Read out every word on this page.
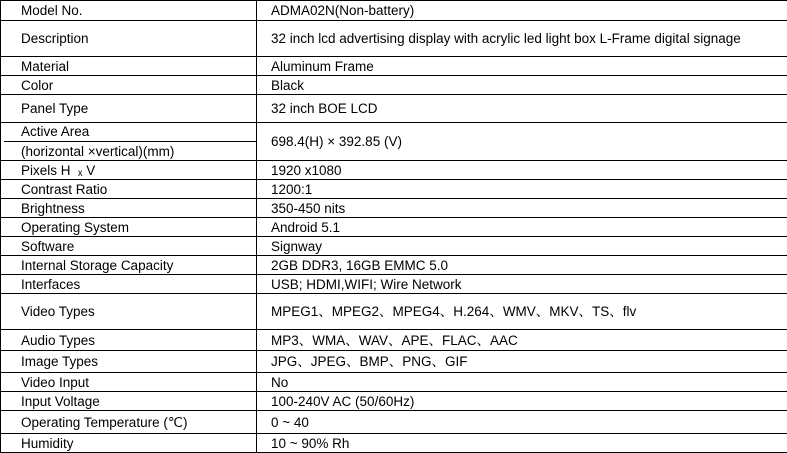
Model No.	ADMA02N(Non-battery)
Description	32 inch lcd advertising display with acrylic led light box L-Frame digital signage
Material	Aluminum Frame
Color	Black
Panel Type	32 inch BOE LCD

Active Area
(horizontal ×vertical)(mm)	698.4(H) × 392.85 (V)
Pixels H  ₓ V	1920 x1080
Contrast Ratio	1200:1
Brightness	350-450 nits
Operating System	Android 5.1
Software	Signway
Internal Storage Capacity	2GB DDR3, 16GB EMMC 5.0
Interfaces	USB; HDMI,WIFI; Wire Network
Video Types	MPEG1、MPEG2、MPEG4、H.264、WMV、MKV、TS、flv
Audio Types	MP3、WMA、WAV、APE、FLAC、AAC
Image Types	JPG、JPEG、BMP、PNG、GIF
Video Input	No
Input Voltage	100-240V AC (50/60Hz)
Operating Temperature (℃)	0 ~ 40
Humidity	10 ~ 90% Rh
